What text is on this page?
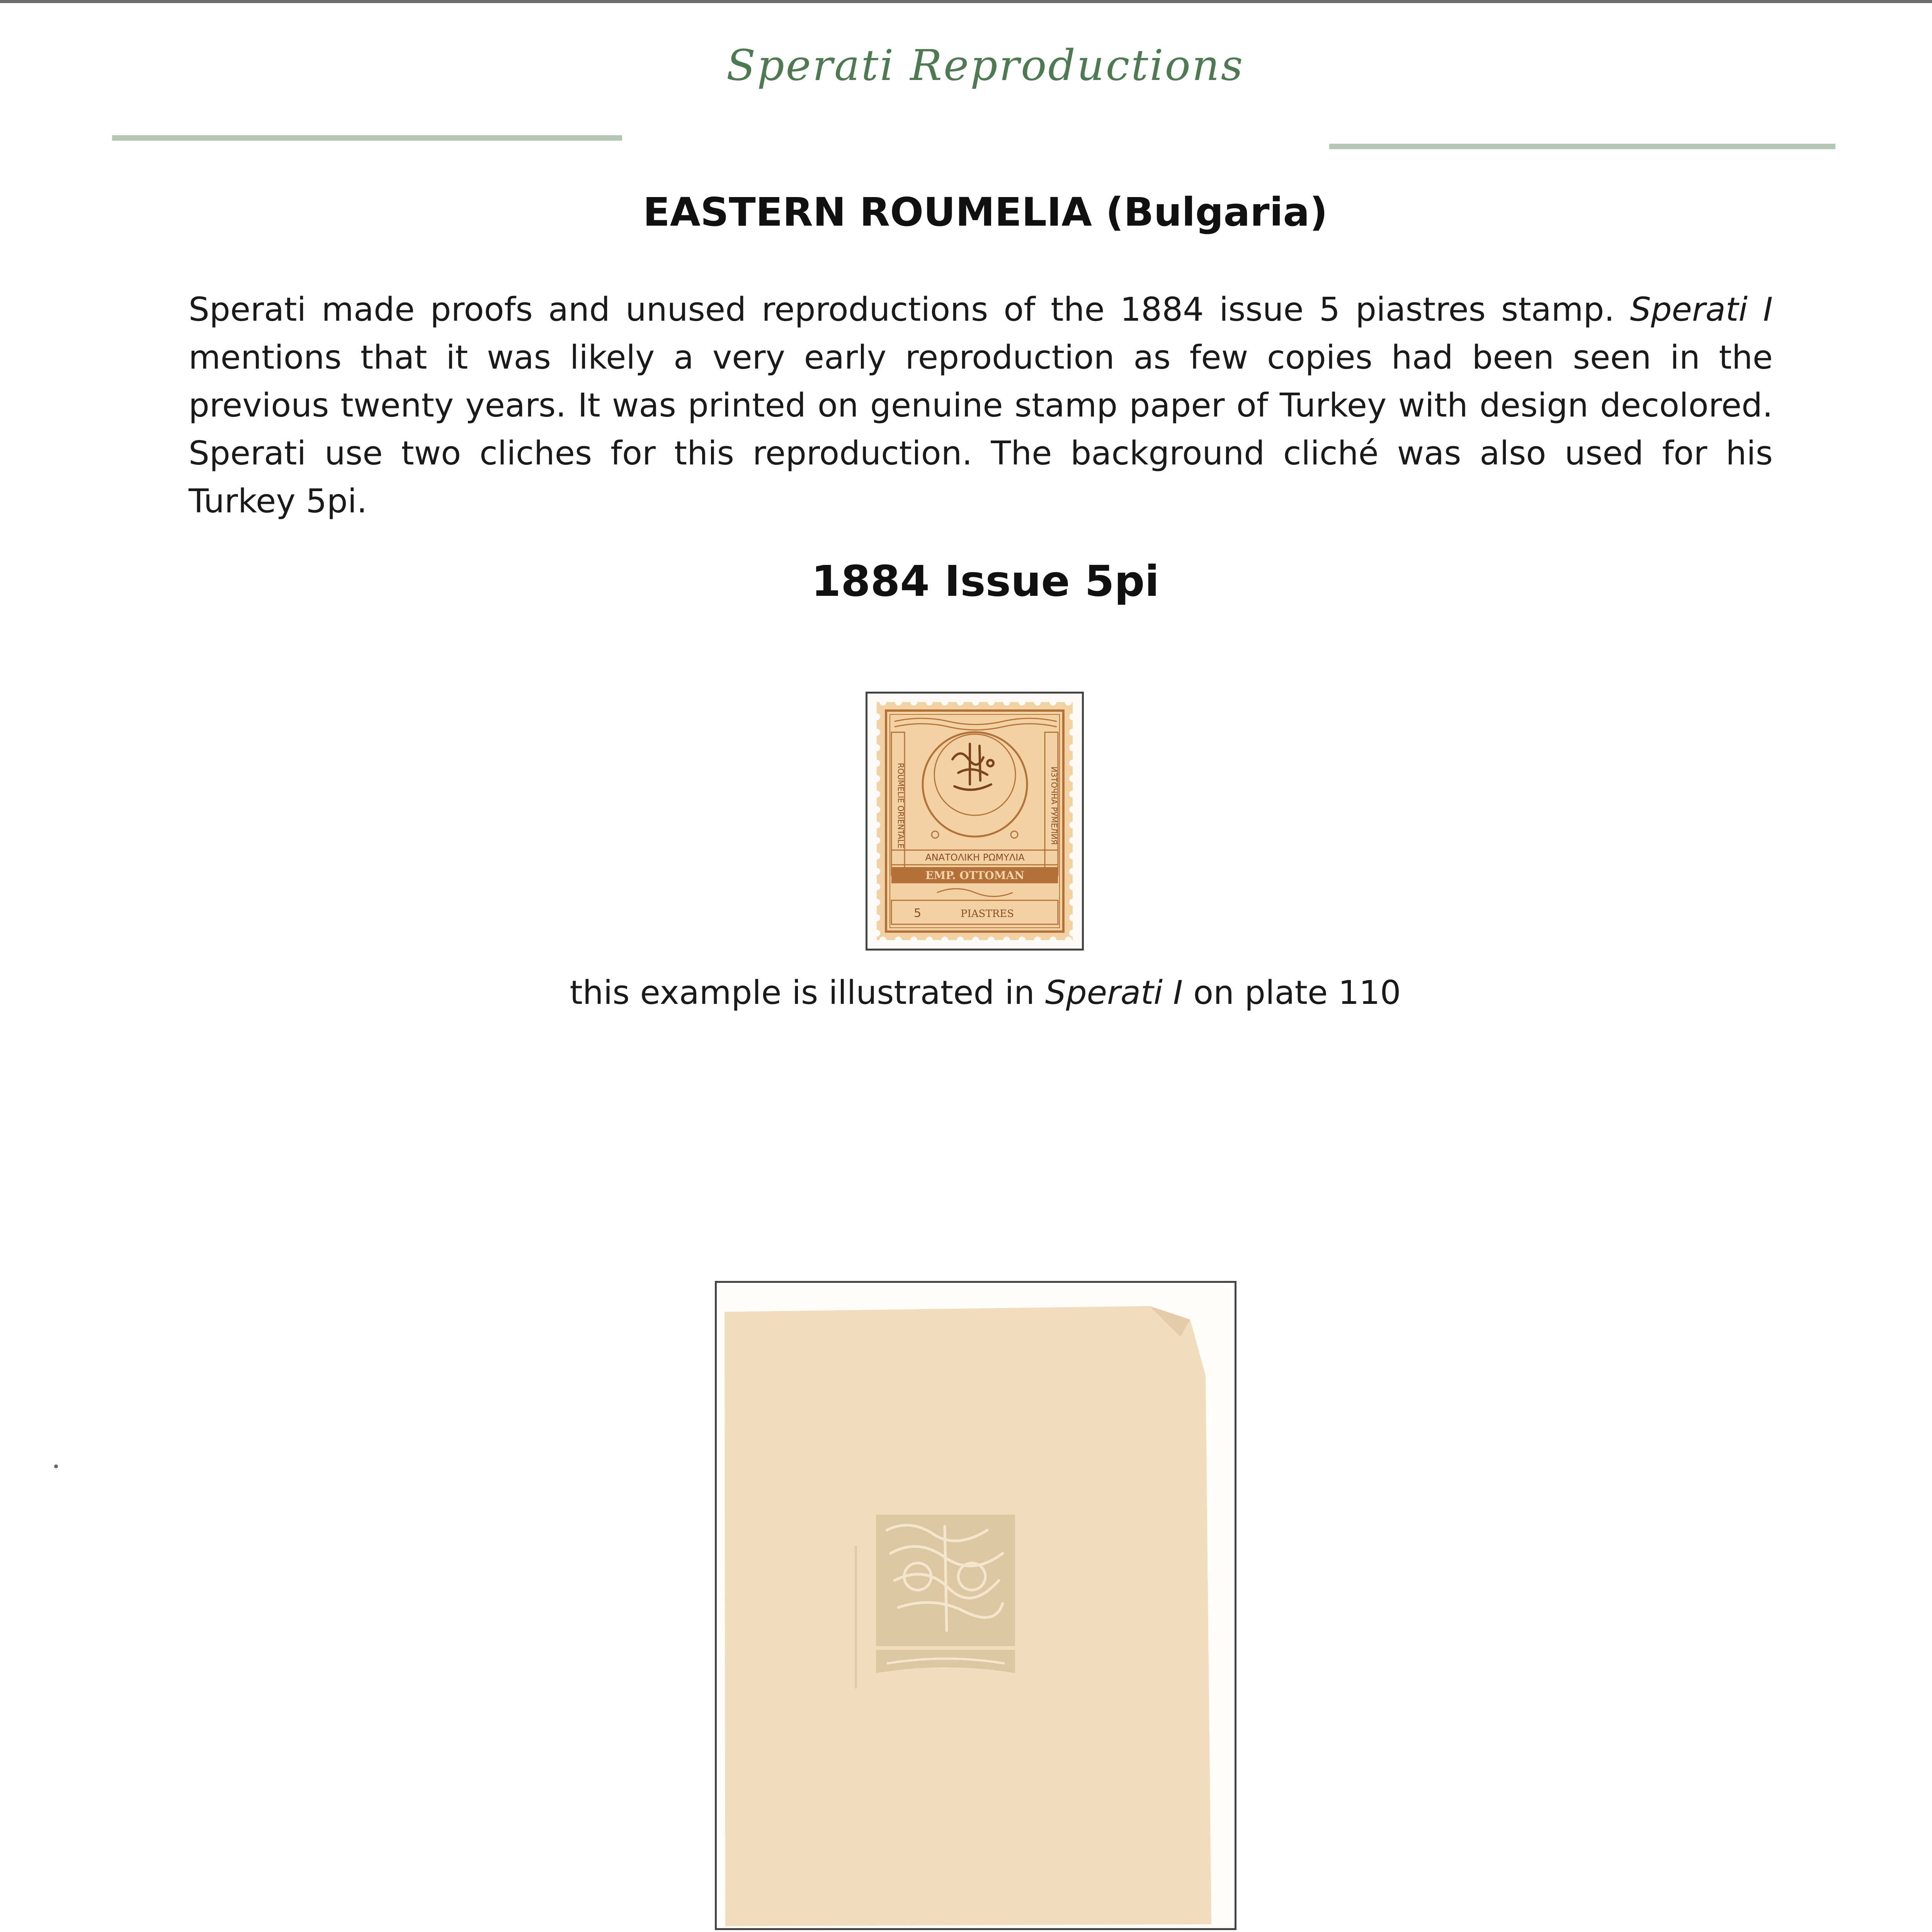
Sperati Reproductions
EASTERN ROUMELIA (Bulgaria)
Sperati made proofs and unused reproductions of the 1884 issue 5 piastres stamp. Sperati I mentions that it was likely a very early reproduction as few copies had been seen in the previous twenty years. It was printed on genuine stamp paper of Turkey with design decolored. Sperati use two cliches for this reproduction. The background cliché was also used for his Turkey 5pi.
1884 Issue 5pi
ROUMELIE ORIENTALE	ИЗТОЧНА РУМЕЛИЯ
ΑΝΑΤΟΛΙΚΗ ΡΩΜΥΛΙΑ
EMP. OTTOMAN
5	PIASTRES
this example is illustrated in Sperati I on plate 110
